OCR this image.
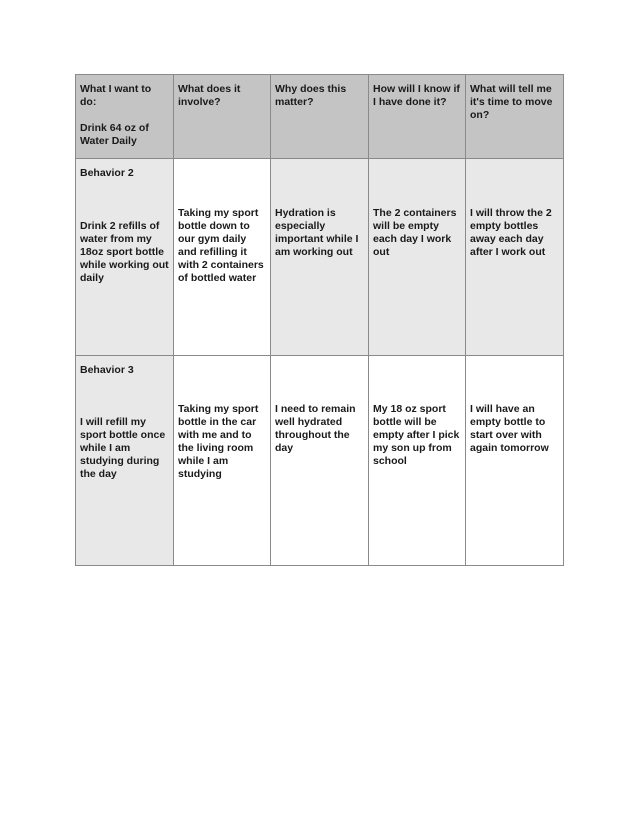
What I want to do:
Drink 64 oz of Water Daily	What does it involve?	Why does this matter?	How will I know if I have done it?	What will tell me it's time to move on?

Behavior 2
Drink 2 refills of water from my 18oz sport bottle while working out daily	Taking my sport bottle down to our gym daily and refilling it with 2 containers of bottled water	Hydration is especially important while I am working out	The 2 containers will be empty each day I work out	I will throw the 2 empty bottles away each day after I work out

Behavior 3
I will refill my sport bottle once while I am studying during the day	Taking my sport bottle in the car with me and to the living room while I am studying	I need to remain well hydrated throughout the day	My 18 oz sport bottle will be empty after I pick my son up from school	I will have an empty bottle to start over with again tomorrow
